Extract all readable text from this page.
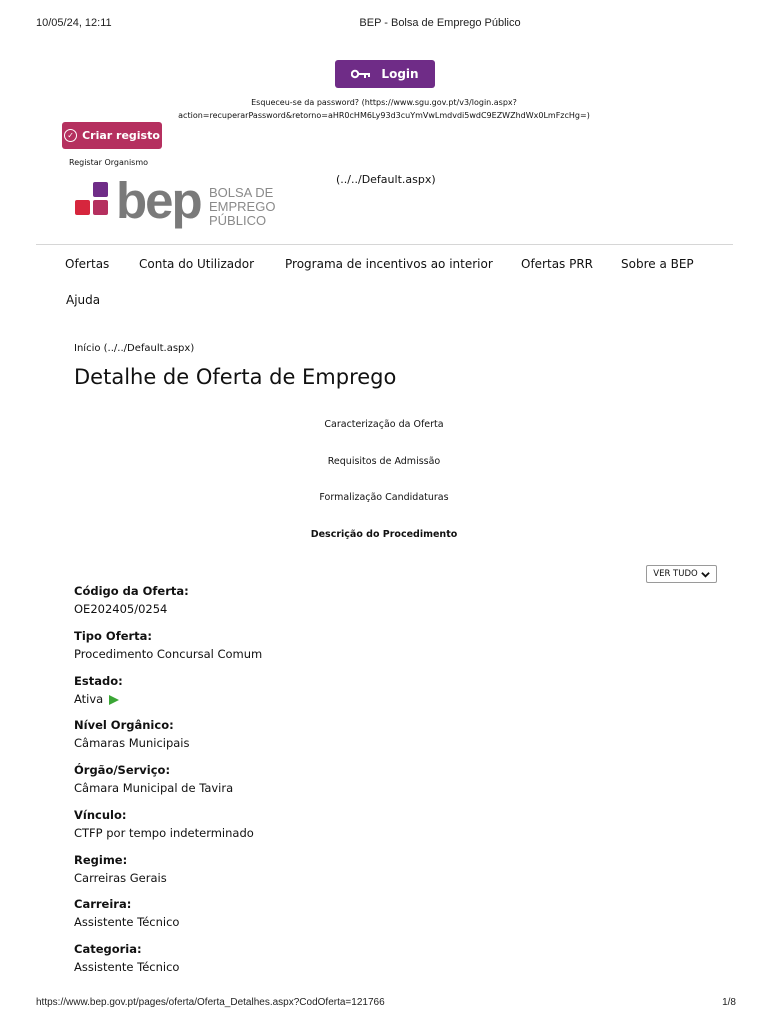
10/05/24, 12:11	BEP - Bolsa de Emprego Público
https://www.bep.gov.pt/pages/oferta/Oferta_Detalhes.aspx?CodOferta=121766	1/8
Login
Esqueceu-se da password? (https://www.sgu.gov.pt/v3/login.aspx?
action=recuperarPassword&retorno=aHR0cHM6Ly93d3cuYmVwLmdvdi5wdC9EZWZhdWx0LmFzcHg=)
✓ Criar registo
Registar Organismo
(../../Default.aspx)
bep BOLSA DE
EMPREGO PÚBLICO
Ofertas Conta do Utilizador	Programa de incentivos ao interior Ofertas PRR Sobre a BEP
Ajuda
Início (../../Default.aspx)
Detalhe de Oferta de Emprego
Caracterização da Oferta
Requisitos de Admissão
Formalização Candidaturas
Descrição do Procedimento
VER TUDO
Código da Oferta:
OE202405/0254
Tipo Oferta:
Procedimento Concursal Comum
Estado:
Ativa
Nível Orgânico:
Câmaras Municipais
Órgão/Serviço:
Câmara Municipal de Tavira
Vínculo:
CTFP por tempo indeterminado
Regime:
Carreiras Gerais
Carreira:
Assistente Técnico
Categoria:
Assistente Técnico
